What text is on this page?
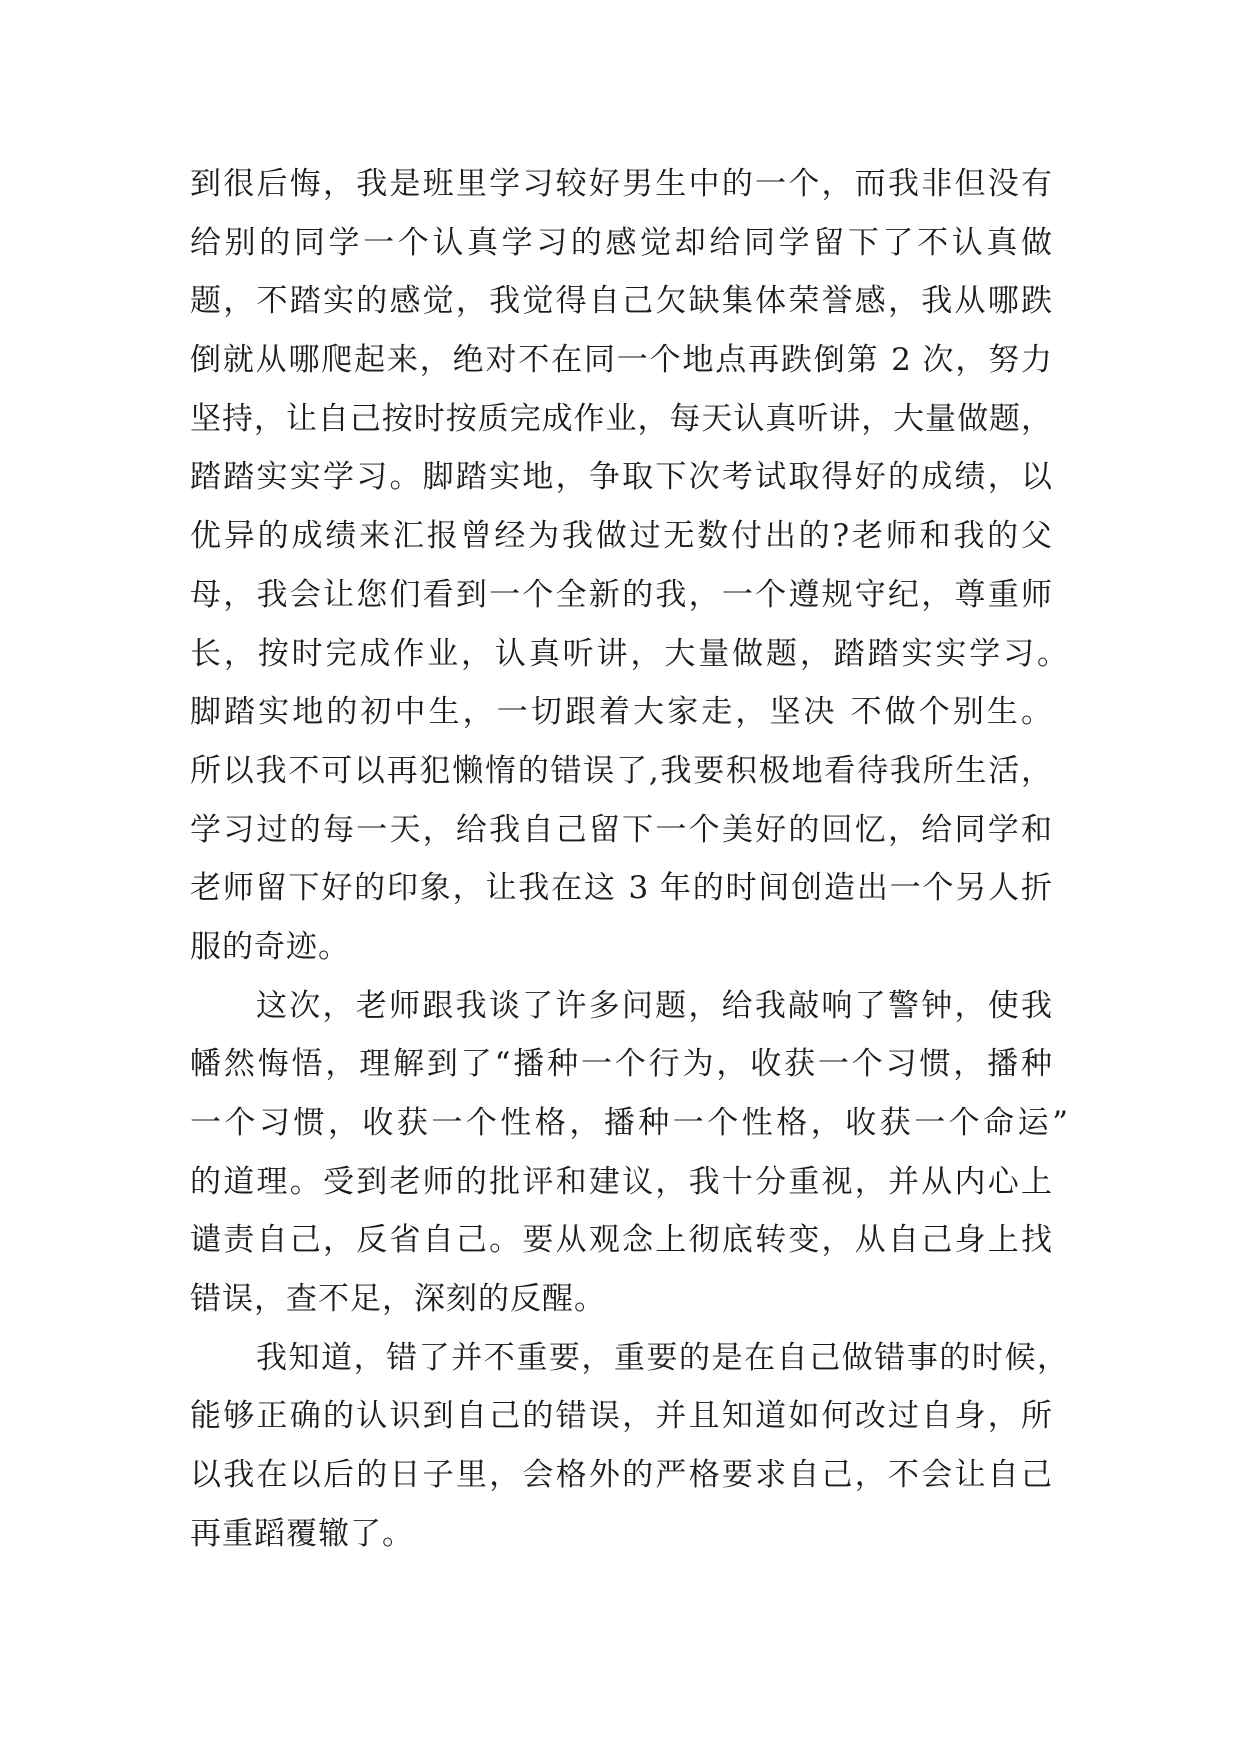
到很后悔，我是班里学习较好男生中的一个，而我非但没有
给别的同学一个认真学习的感觉却给同学留下了不认真做
题，不踏实的感觉，我觉得自己欠缺集体荣誉感，我从哪跌
倒就从哪爬起来，绝对不在同一个地点再跌倒第 2 次，努力
坚持，让自己按时按质完成作业，每天认真听讲，大量做题，
踏踏实实学习。脚踏实地，争取下次考试取得好的成绩，以
优异的成绩来汇报曾经为我做过无数付出的?老师和我的父
母，我会让您们看到一个全新的我，一个遵规守纪，尊重师
长，按时完成作业，认真听讲，大量做题，踏踏实实学习。
脚踏实地的初中生，一切跟着大家走，坚决 不做个别生。
所以我不可以再犯懒惰的错误了,我要积极地看待我所生活，
学习过的每一天，给我自己留下一个美好的回忆，给同学和
老师留下好的印象，让我在这 3 年的时间创造出一个另人折
服的奇迹。
这次，老师跟我谈了许多问题，给我敲响了警钟，使我
幡然悔悟，理解到了“播种一个行为，收获一个习惯，播种
一个习惯，收获一个性格，播种一个性格，收获一个命运”
的道理。受到老师的批评和建议，我十分重视，并从内心上
谴责自己，反省自己。要从观念上彻底转变，从自己身上找
错误，查不足，深刻的反醒。
我知道，错了并不重要，重要的是在自己做错事的时候，
能够正确的认识到自己的错误，并且知道如何改过自身，所
以我在以后的日子里，会格外的严格要求自己，不会让自己
再重蹈覆辙了。
